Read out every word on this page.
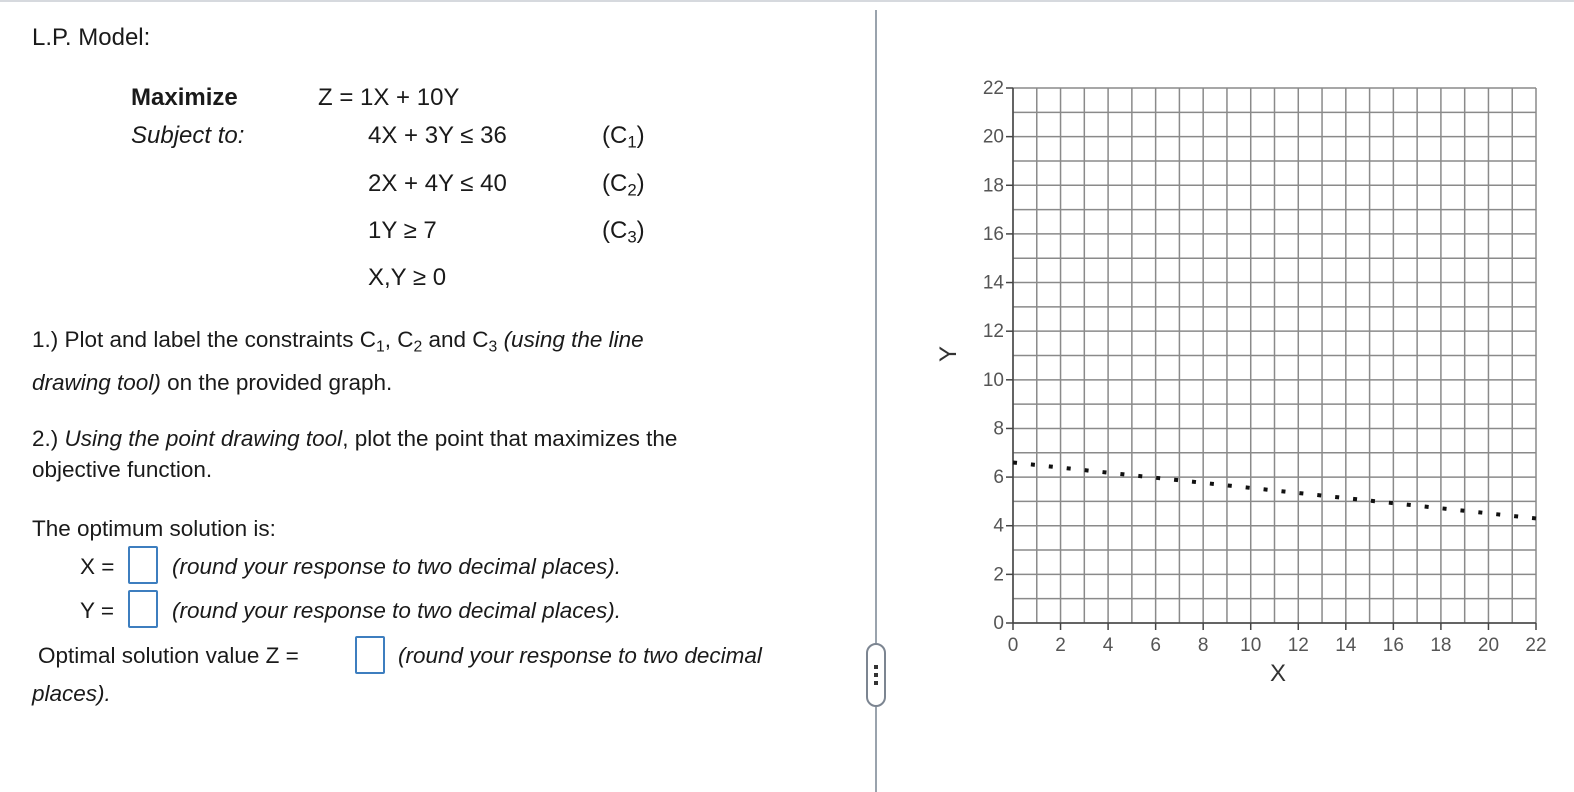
L.P. Model:
Maximize	Z = 1X + 10Y
Subject to:	4X + 3Y ≤ 36	$(C_1)$
2X + 4Y ≤ 40	$(C_2)$
1Y ≥ 7	$(C_3)$
X,Y ≥ 0
1.) Plot and label the constraints $C_1$, $C_2$ and $C_3$ (using the line
drawing tool) on the provided graph.
2.) Using the point drawing tool, plot the point that maximizes the
objective function.
The optimum solution is:
X =	(round your response to two decimal places).
Y =	(round your response to two decimal places).
Optimal solution value Z =	(round your response to two decimal
places).
0
2
4
6
8
10
12
14
16
18
20
22
0 2 4 6 8 10 12 14 16 18 20 22
Y
X
